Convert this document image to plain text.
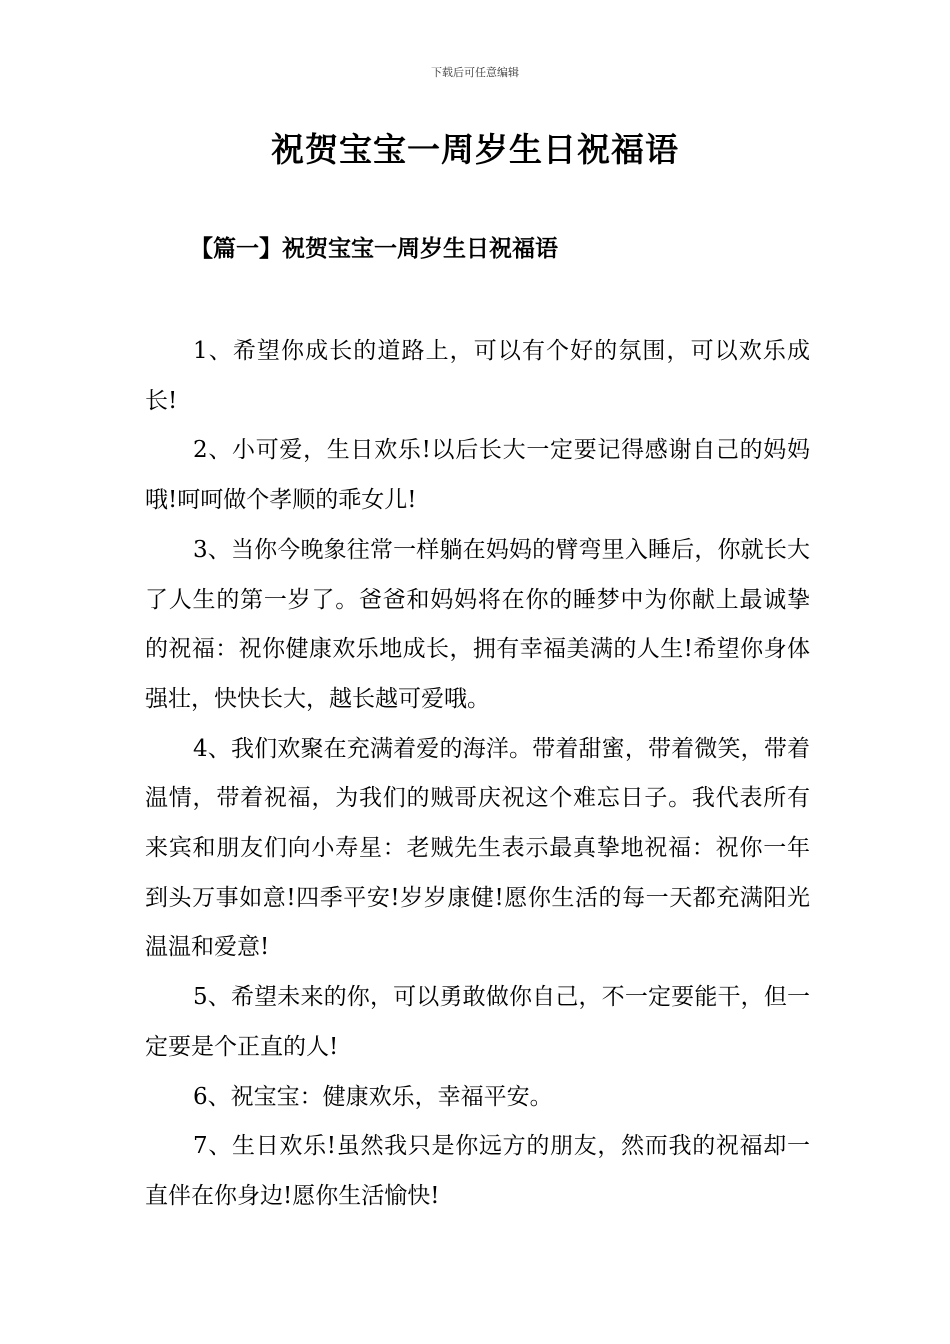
下载后可任意编辑
祝贺宝宝一周岁生日祝福语
【篇一】祝贺宝宝一周岁生日祝福语

1、希望你成长的道路上，可以有个好的氛围，可以欢乐成长!

2、小可爱，生日欢乐!以后长大一定要记得感谢自己的妈妈哦!呵呵做个孝顺的乖女儿!

3、当你今晚象往常一样躺在妈妈的臂弯里入睡后，你就长大了人生的第一岁了。爸爸和妈妈将在你的睡梦中为你献上最诚挚的祝福：祝你健康欢乐地成长，拥有幸福美满的人生!希望你身体强壮，快快长大，越长越可爱哦。

4、我们欢聚在充满着爱的海洋。带着甜蜜，带着微笑，带着温情，带着祝福，为我们的贼哥庆祝这个难忘日子。我代表所有来宾和朋友们向小寿星：老贼先生表示最真挚地祝福：祝你一年到头万事如意!四季平安!岁岁康健!愿你生活的每一天都充满阳光温温和爱意!

5、希望未来的你，可以勇敢做你自己，不一定要能干，但一定要是个正直的人!

6、祝宝宝：健康欢乐，幸福平安。

7、生日欢乐!虽然我只是你远方的朋友，然而我的祝福却一直伴在你身边!愿你生活愉快!
